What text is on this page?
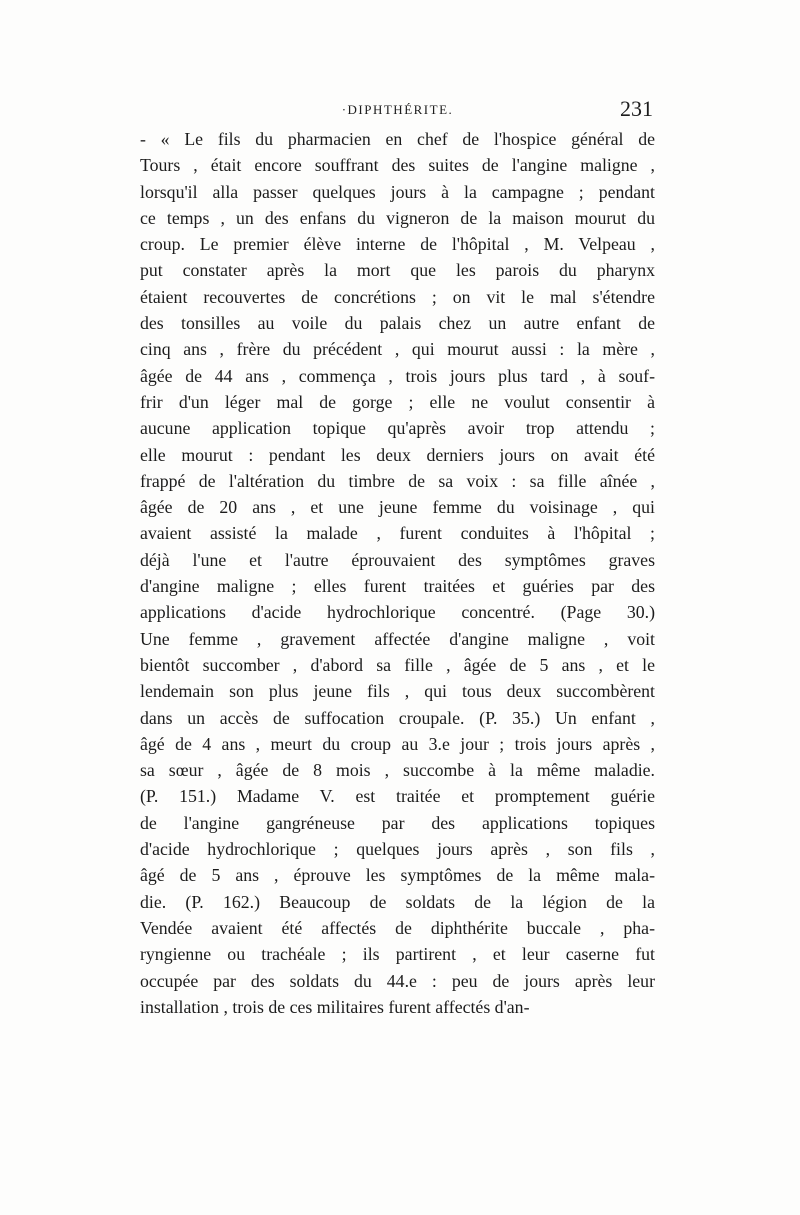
·DIPHTHÉRITE.	231
- « Le fils du pharmacien en chef de l'hospice général de
Tours , était encore souffrant des suites de l'angine maligne ,
lorsqu'il alla passer quelques jours à la campagne ; pendant
ce temps , un des enfans du vigneron de la maison mourut du
croup. Le premier élève interne de l'hôpital , M. Velpeau ,
put constater après la mort que les parois du pharynx
étaient recouvertes de concrétions ; on vit le mal s'étendre
des tonsilles au voile du palais chez un autre enfant de
cinq ans , frère du précédent , qui mourut aussi : la mère ,
âgée de 44 ans , commença , trois jours plus tard , à souf-
frir d'un léger mal de gorge ; elle ne voulut consentir à
aucune application topique qu'après avoir trop attendu ;
elle mourut : pendant les deux derniers jours on avait été
frappé de l'altération du timbre de sa voix : sa fille aînée ,
âgée de 20 ans , et une jeune femme du voisinage , qui
avaient assisté la malade , furent conduites à l'hôpital ;
déjà l'une et l'autre éprouvaient des symptômes graves
d'angine maligne ; elles furent traitées et guéries par des
applications d'acide hydrochlorique concentré. (Page 30.)
Une femme , gravement affectée d'angine maligne , voit
bientôt succomber , d'abord sa fille , âgée de 5 ans , et le
lendemain son plus jeune fils , qui tous deux succombèrent
dans un accès de suffocation croupale. (P. 35.) Un enfant ,
âgé de 4 ans , meurt du croup au 3.e jour ; trois jours après ,
sa sœur , âgée de 8 mois , succombe à la même maladie.
(P. 151.) Madame V. est traitée et promptement guérie
de l'angine gangréneuse par des applications topiques
d'acide hydrochlorique ; quelques jours après , son fils ,
âgé de 5 ans , éprouve les symptômes de la même mala-
die. (P. 162.) Beaucoup de soldats de la légion de la
Vendée avaient été affectés de diphthérite buccale , pha-
ryngienne ou trachéale ; ils partirent , et leur caserne fut
occupée par des soldats du 44.e : peu de jours après leur
installation , trois de ces militaires furent affectés d'an-
